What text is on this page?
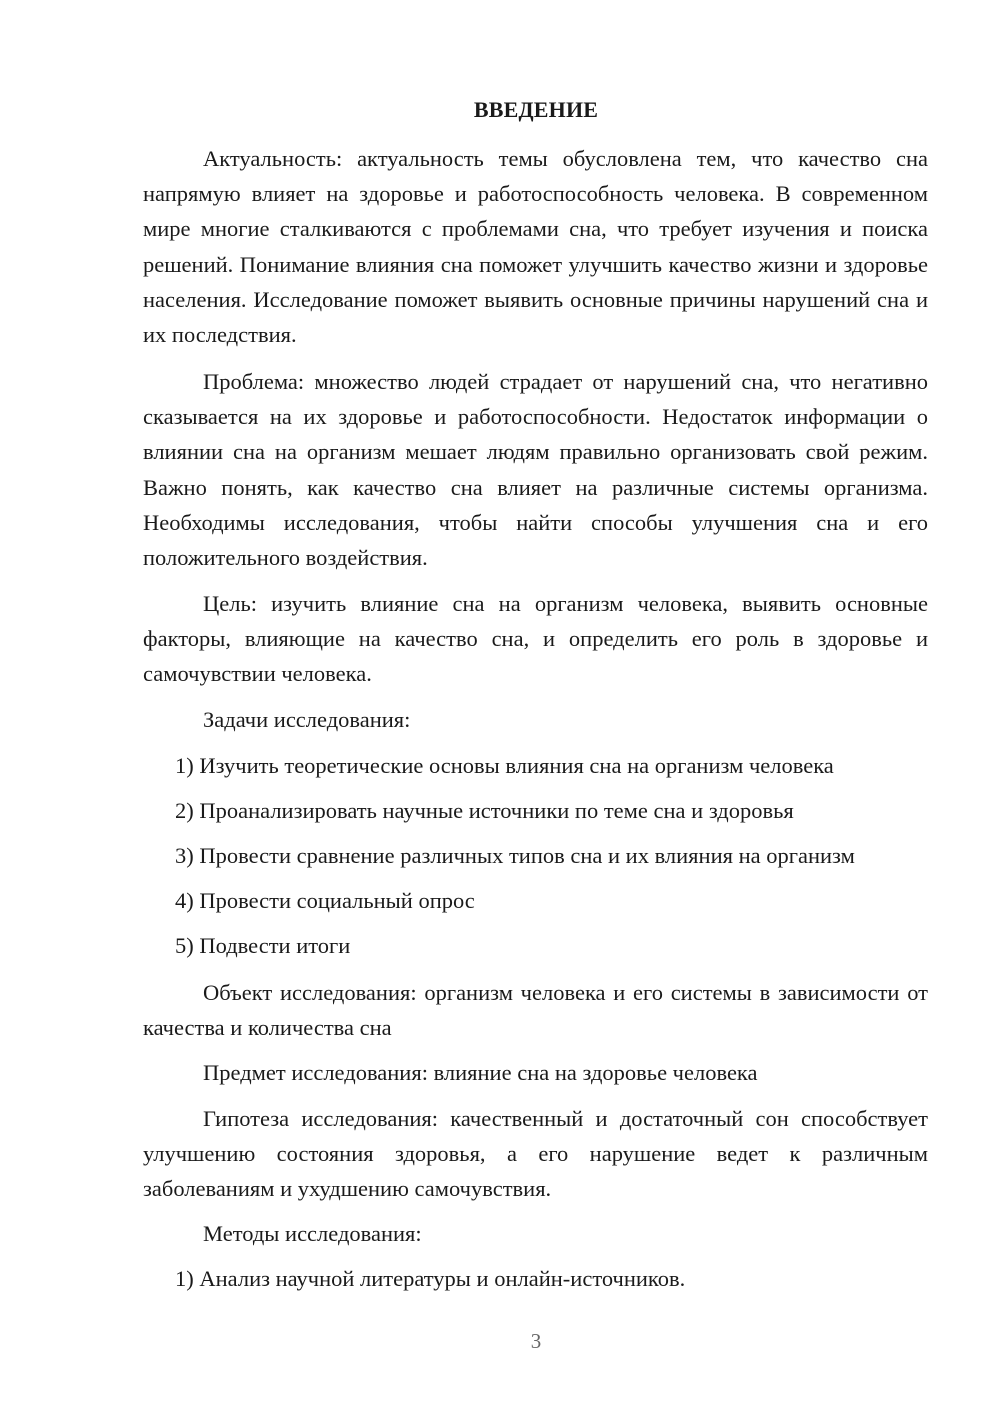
ВВЕДЕНИЕ

Актуальность: актуальность темы обусловлена тем, что качество сна напрямую влияет на здоровье и работоспособность человека. В современном мире многие сталкиваются с проблемами сна, что требует изучения и поиска решений. Понимание влияния сна поможет улучшить качество жизни и здоровье населения. Исследование поможет выявить основные причины нарушений сна и их последствия.

Проблема: множество людей страдает от нарушений сна, что негативно сказывается на их здоровье и работоспособности. Недостаток информации о влиянии сна на организм мешает людям правильно организовать свой режим. Важно понять, как качество сна влияет на различные системы организма. Необходимы исследования, чтобы найти способы улучшения сна и его положительного воздействия.

Цель: изучить влияние сна на организм человека, выявить основные факторы, влияющие на качество сна, и определить его роль в здоровье и самочувствии человека.

Задачи исследования:
1) Изучить теоретические основы влияния сна на организм человека
2) Проанализировать научные источники по теме сна и здоровья
3) Провести сравнение различных типов сна и их влияния на организм
4) Провести социальный опрос
5) Подвести итоги

Объект исследования: организм человека и его системы в зависимости от качества и количества сна

Предмет исследования: влияние сна на здоровье человека

Гипотеза исследования: качественный и достаточный сон способствует улучшению состояния здоровья, а его нарушение ведет к различным заболеваниям и ухудшению самочувствия.

Методы исследования:
1) Анализ научной литературы и онлайн-источников.
3
